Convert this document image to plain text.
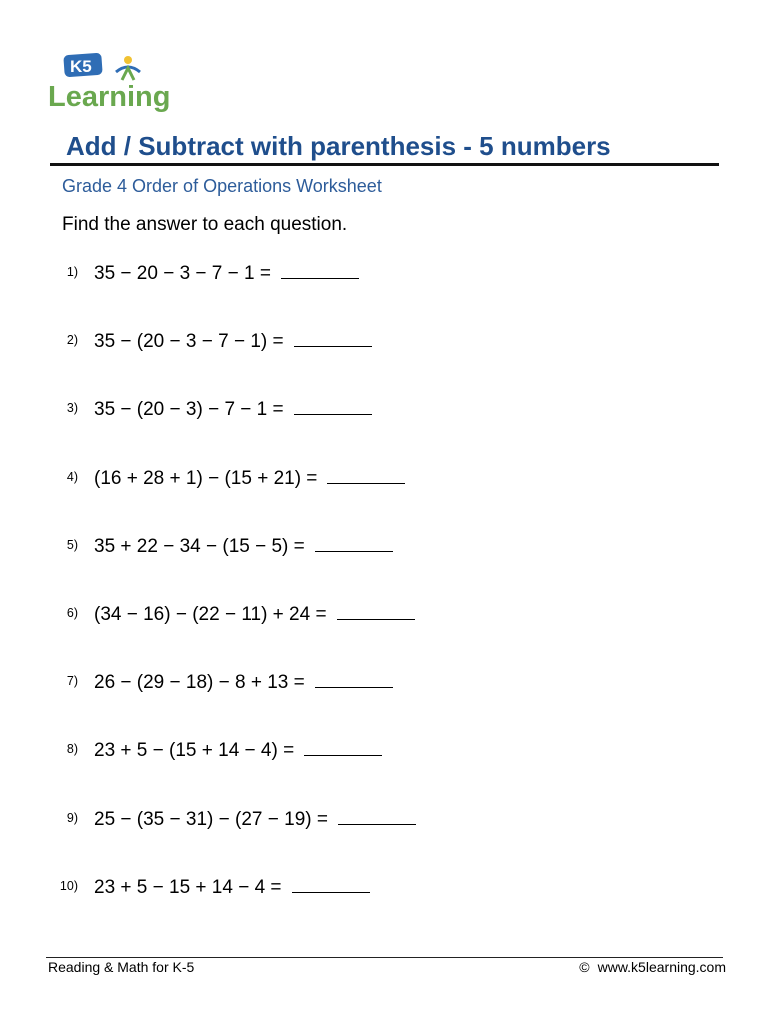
K5
Learning
Add / Subtract with parenthesis - 5 numbers
Grade 4 Order of Operations Worksheet
Find the answer to each question.
1) 35 − 20 − 3 − 7 − 1 =
2) 35 − (20 − 3 − 7 − 1) =
3) 35 − (20 − 3) − 7 − 1 =
4) (16 + 28 + 1) − (15 + 21) =
5) 35 + 22 − 34 − (15 − 5) =
6) (34 − 16) − (22 − 11) + 24 =
7) 26 − (29 − 18) − 8 + 13 =
8) 23 + 5 − (15 + 14 − 4) =
9) 25 − (35 − 31) − (27 − 19) =
10) 23 + 5 − 15 + 14 − 4 =
Reading & Math for K-5	© www.k5learning.com
